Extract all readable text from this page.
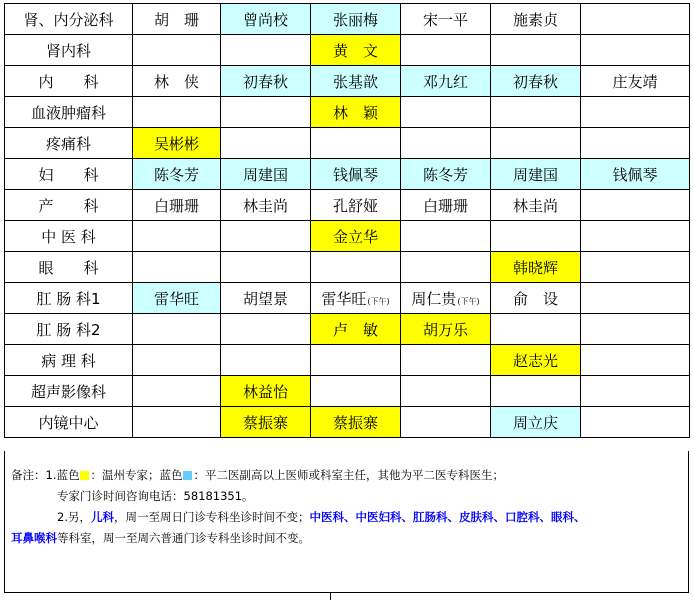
肾、内分泌科	胡　珊	曾尚校	张丽梅	宋一平	施素贞	
肾内科			黄　文			
内　　科	林　侠	初春秋	张基歆	邓九红	初春秋	庄友靖
血液肿瘤科			林　颖			
疼痛科	吴彬彬					
妇　　科	陈冬芳	周建国	钱佩琴	陈冬芳	周建国	钱佩琴
产　　科	白珊珊	林圭尚	孔舒娅	白珊珊	林圭尚	
中 医 科			金立华			
眼　　科					韩晓辉	
肛 肠 科1	雷华旺	胡望景	雷华旺(下午)	周仁贵(下午)	俞　设	
肛 肠 科2			卢　敏	胡万乐		
病 理 科					赵志光	
超声影像科		林益怡				
内镜中心		蔡振寨	蔡振寨		周立庆	
备注：1.蓝色 ：温州专家；蓝色 ：平二医副高以上医师或科室主任，其他为平二医专科医生；
专家门诊时间咨询电话：58181351。
2.另，儿科，周一至周日门诊专科坐诊时间不变；中医科、中医妇科、肛肠科、皮肤科、口腔科、眼科、
耳鼻喉科等科室，周一至周六普通门诊专科坐诊时间不变。
